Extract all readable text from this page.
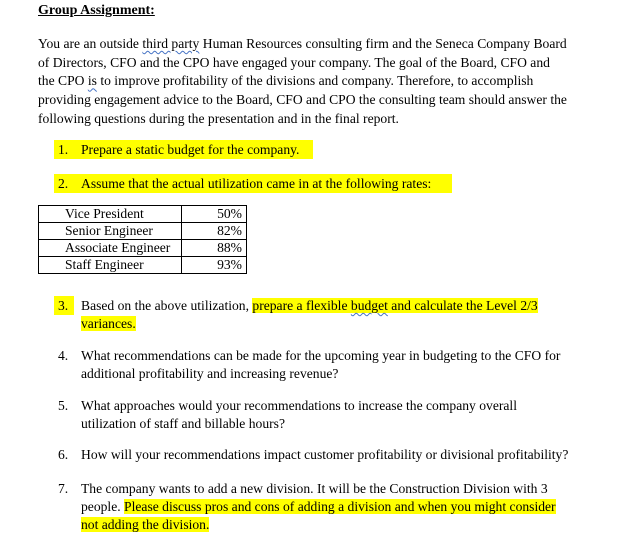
Group Assignment:
You are an outside third party Human Resources consulting firm and the Seneca Company Board
of Directors, CFO and the CPO have engaged your company. The goal of the Board, CFO and
the CPO is to improve profitability of the divisions and company. Therefore, to accomplish
providing engagement advice to the Board, CFO and CPO the consulting team should answer the
following questions during the presentation and in the final report.
1. Prepare a static budget for the company.
2. Assume that the actual utilization came in at the following rates:
Vice President	50%
Senior Engineer	82%
Associate Engineer	88%
Staff Engineer	93%
3. Based on the above utilization, prepare a flexible budget and calculate the Level 2/3
variances.
4. What recommendations can be made for the upcoming year in budgeting to the CFO for
additional profitability and increasing revenue?
5. What approaches would your recommendations to increase the company overall
utilization of staff and billable hours?
6. How will your recommendations impact customer profitability or divisional profitability?
7. The company wants to add a new division. It will be the Construction Division with 3
people. Please discuss pros and cons of adding a division and when you might consider
not adding the division.
